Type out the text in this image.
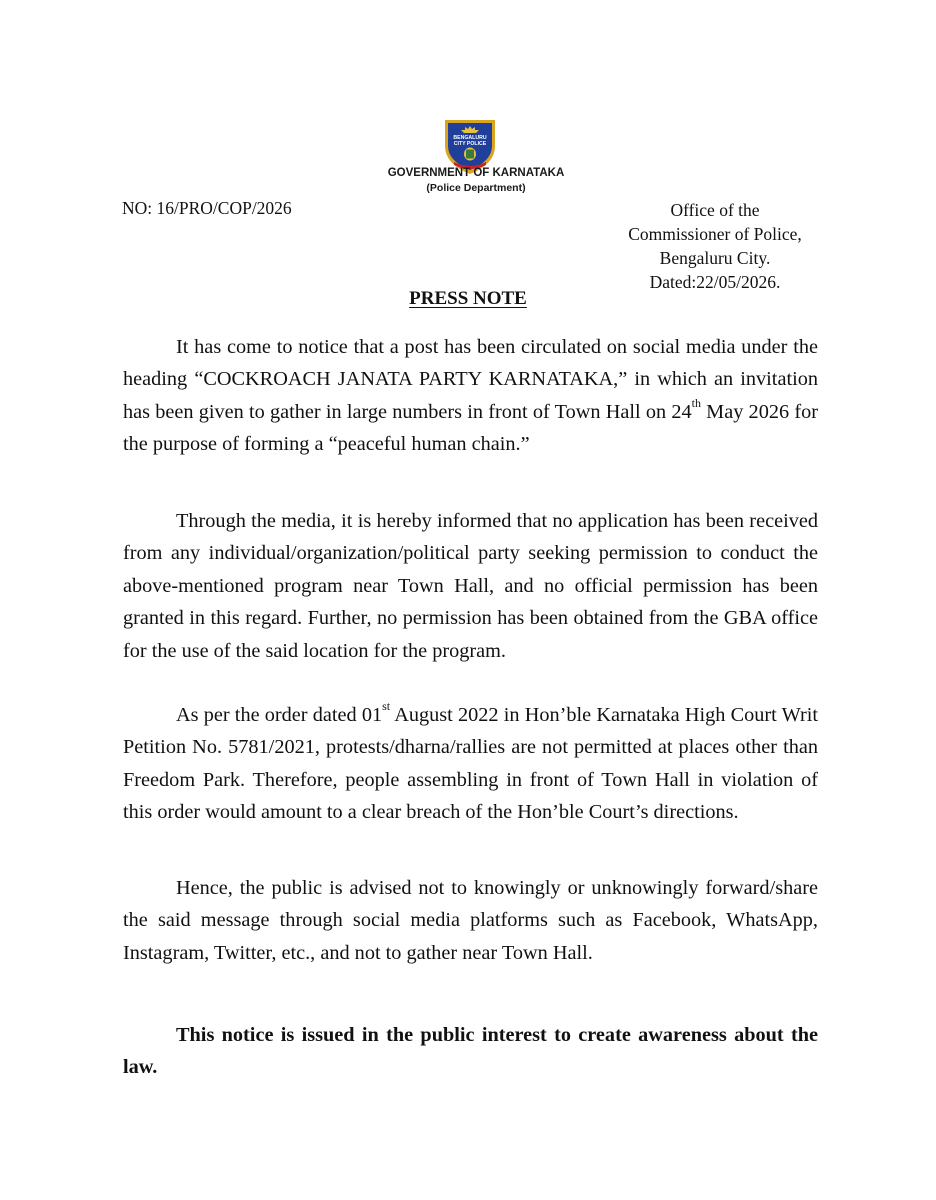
BENGALURU
CITY POLICE
GOVERNMENT OF KARNATAKA
(Police Department)
NO: 16/PRO/COP/2026	Office of the
Commissioner of Police,
Bengaluru City.
Dated:22/05/2026.
PRESS NOTE

It has come to notice that a post has been circulated on social media under the heading “COCKROACH JANATA PARTY KARNATAKA,” in which an invitation has been given to gather in large numbers in front of Town Hall on 24th May 2026 for the purpose of forming a “peaceful human chain.”

Through the media, it is hereby informed that no application has been received from any individual/organization/political party seeking permission to conduct the above-mentioned program near Town Hall, and no official permission has been granted in this regard. Further, no permission has been obtained from the GBA office for the use of the said location for the program.

As per the order dated 01st August 2022 in Hon’ble Karnataka High Court Writ Petition No. 5781/2021, protests/dharna/rallies are not permitted at places other than Freedom Park. Therefore, people assembling in front of Town Hall in violation of this order would amount to a clear breach of the Hon’ble Court’s directions.

Hence, the public is advised not to knowingly or unknowingly forward/share the said message through social media platforms such as Facebook, WhatsApp, Instagram, Twitter, etc., and not to gather near Town Hall.

This notice is issued in the public interest to create awareness about the law.
